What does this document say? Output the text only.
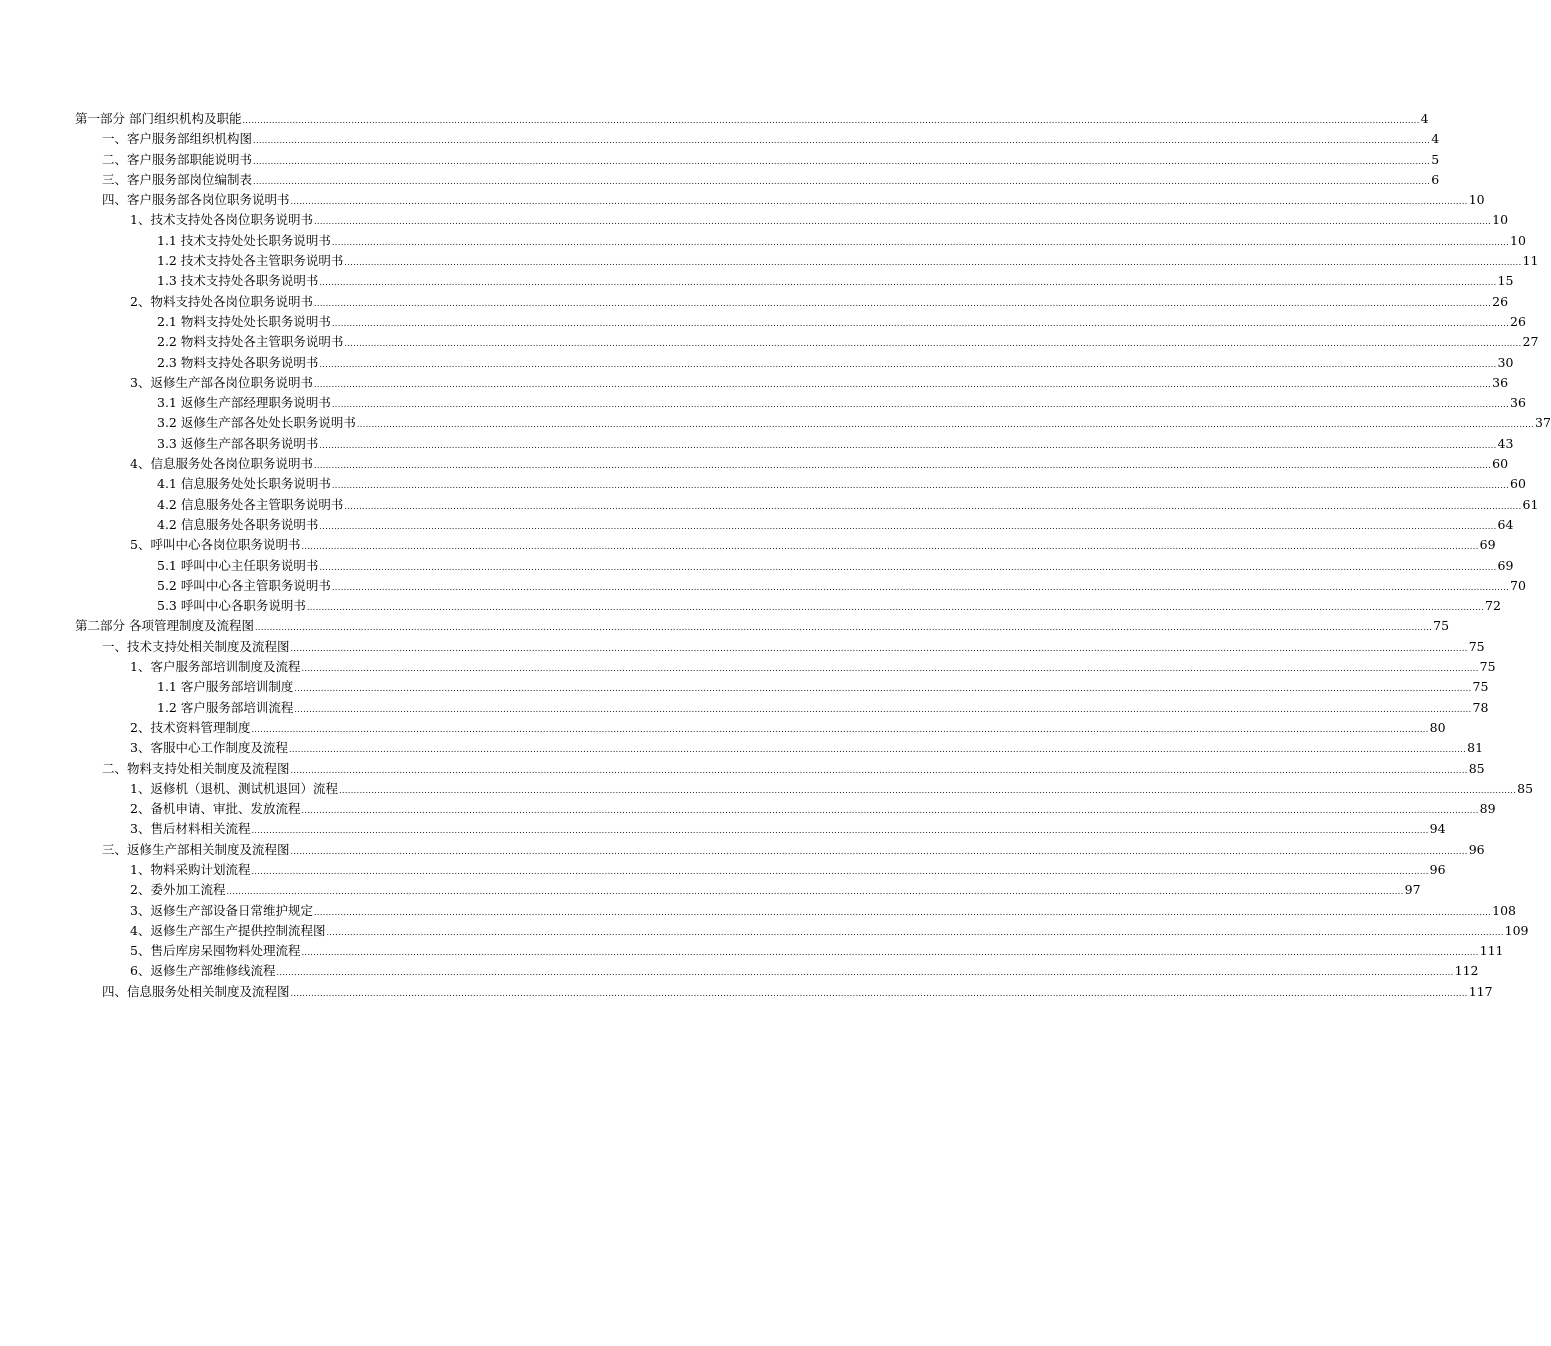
第一部分 部门组织机构及职能 ................................................................................................................................................................................................................................................................................................................................................................................................................ 4
一、客户服务部组织机构图 ................................................................................................................................................................................................................................................................................................................................................................................................................ 4
二、客户服务部职能说明书 ................................................................................................................................................................................................................................................................................................................................................................................................................ 5
三、客户服务部岗位编制表 ................................................................................................................................................................................................................................................................................................................................................................................................................ 6
四、客户服务部各岗位职务说明书 ................................................................................................................................................................................................................................................................................................................................................................................................................ 10
1、技术支持处各岗位职务说明书 ................................................................................................................................................................................................................................................................................................................................................................................................................ 10
1.1 技术支持处处长职务说明书 ................................................................................................................................................................................................................................................................................................................................................................................................................ 10
1.2 技术支持处各主管职务说明书 ................................................................................................................................................................................................................................................................................................................................................................................................................ 11
1.3 技术支持处各职务说明书 ................................................................................................................................................................................................................................................................................................................................................................................................................ 15
2、物料支持处各岗位职务说明书 ................................................................................................................................................................................................................................................................................................................................................................................................................ 26
2.1 物料支持处处长职务说明书 ................................................................................................................................................................................................................................................................................................................................................................................................................ 26
2.2 物料支持处各主管职务说明书 ................................................................................................................................................................................................................................................................................................................................................................................................................ 27
2.3 物料支持处各职务说明书 ................................................................................................................................................................................................................................................................................................................................................................................................................ 30
3、返修生产部各岗位职务说明书 ................................................................................................................................................................................................................................................................................................................................................................................................................ 36
3.1 返修生产部经理职务说明书 ................................................................................................................................................................................................................................................................................................................................................................................................................ 36
3.2 返修生产部各处处长职务说明书 ................................................................................................................................................................................................................................................................................................................................................................................................................ 37
3.3 返修生产部各职务说明书 ................................................................................................................................................................................................................................................................................................................................................................................................................ 43
4、信息服务处各岗位职务说明书 ................................................................................................................................................................................................................................................................................................................................................................................................................ 60
4.1 信息服务处处长职务说明书 ................................................................................................................................................................................................................................................................................................................................................................................................................ 60
4.2 信息服务处各主管职务说明书 ................................................................................................................................................................................................................................................................................................................................................................................................................ 61
4.2 信息服务处各职务说明书 ................................................................................................................................................................................................................................................................................................................................................................................................................ 64
5、呼叫中心各岗位职务说明书 ................................................................................................................................................................................................................................................................................................................................................................................................................ 69
5.1 呼叫中心主任职务说明书 ................................................................................................................................................................................................................................................................................................................................................................................................................ 69
5.2 呼叫中心各主管职务说明书 ................................................................................................................................................................................................................................................................................................................................................................................................................ 70
5.3 呼叫中心各职务说明书 ................................................................................................................................................................................................................................................................................................................................................................................................................ 72
第二部分 各项管理制度及流程图 ................................................................................................................................................................................................................................................................................................................................................................................................................ 75
一、技术支持处相关制度及流程图 ................................................................................................................................................................................................................................................................................................................................................................................................................ 75
1、客户服务部培训制度及流程 ................................................................................................................................................................................................................................................................................................................................................................................................................ 75
1.1 客户服务部培训制度 ................................................................................................................................................................................................................................................................................................................................................................................................................ 75
1.2 客户服务部培训流程 ................................................................................................................................................................................................................................................................................................................................................................................................................ 78
2、技术资料管理制度 ................................................................................................................................................................................................................................................................................................................................................................................................................ 80
3、客服中心工作制度及流程 ................................................................................................................................................................................................................................................................................................................................................................................................................ 81
二、物料支持处相关制度及流程图 ................................................................................................................................................................................................................................................................................................................................................................................................................ 85
1、返修机（退机、测试机退回）流程 ................................................................................................................................................................................................................................................................................................................................................................................................................ 85
2、备机申请、审批、发放流程 ................................................................................................................................................................................................................................................................................................................................................................................................................ 89
3、售后材料相关流程 ................................................................................................................................................................................................................................................................................................................................................................................................................ 94
三、返修生产部相关制度及流程图 ................................................................................................................................................................................................................................................................................................................................................................................................................ 96
1、物料采购计划流程 ................................................................................................................................................................................................................................................................................................................................................................................................................ 96
2、委外加工流程 ................................................................................................................................................................................................................................................................................................................................................................................................................ 97
3、返修生产部设备日常维护规定 ................................................................................................................................................................................................................................................................................................................................................................................................................ 108
4、返修生产部生产提供控制流程图 ................................................................................................................................................................................................................................................................................................................................................................................................................ 109
5、售后库房呆囤物料处理流程 ................................................................................................................................................................................................................................................................................................................................................................................................................ 111
6、返修生产部维修线流程 ................................................................................................................................................................................................................................................................................................................................................................................................................ 112
四、信息服务处相关制度及流程图 ................................................................................................................................................................................................................................................................................................................................................................................................................ 117
